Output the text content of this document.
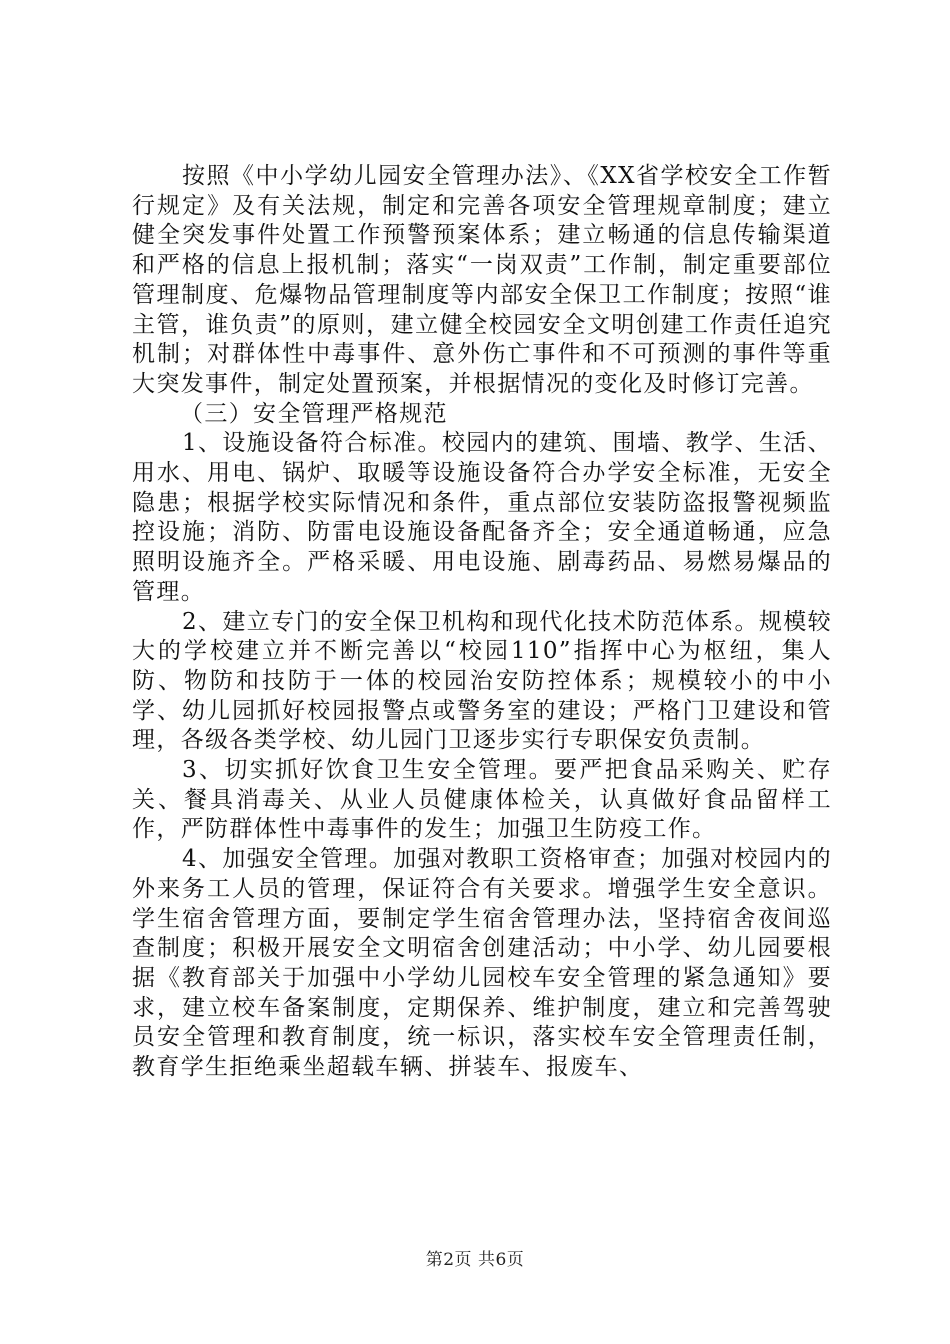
按照《中小学幼儿园安全管理办法》、《XX省学校安全工作暂行规定》及有关法规，制定和完善各项安全管理规章制度；建立健全突发事件处置工作预警预案体系；建立畅通的信息传输渠道和严格的信息上报机制；落实“一岗双责”工作制，制定重要部位管理制度、危爆物品管理制度等内部安全保卫工作制度；按照“谁主管，谁负责”的原则，建立健全校园安全文明创建工作责任追究机制；对群体性中毒事件、意外伤亡事件和不可预测的事件等重大突发事件，制定处置预案，并根据情况的变化及时修订完善。

（三）安全管理严格规范

1、设施设备符合标准。校园内的建筑、围墙、教学、生活、用水、用电、锅炉、取暖等设施设备符合办学安全标准，无安全隐患；根据学校实际情况和条件，重点部位安装防盗报警视频监控设施；消防、防雷电设施设备配备齐全；安全通道畅通，应急照明设施齐全。严格采暖、用电设施、剧毒药品、易燃易爆品的管理。

2、建立专门的安全保卫机构和现代化技术防范体系。规模较大的学校建立并不断完善以“校园110”指挥中心为枢纽，集人防、物防和技防于一体的校园治安防控体系；规模较小的中小学、幼儿园抓好校园报警点或警务室的建设；严格门卫建设和管理，各级各类学校、幼儿园门卫逐步实行专职保安负责制。

3、切实抓好饮食卫生安全管理。要严把食品采购关、贮存关、餐具消毒关、从业人员健康体检关，认真做好食品留样工作，严防群体性中毒事件的发生；加强卫生防疫工作。

4、加强安全管理。加强对教职工资格审查；加强对校园内的外来务工人员的管理，保证符合有关要求。增强学生安全意识。学生宿舍管理方面，要制定学生宿舍管理办法，坚持宿舍夜间巡查制度；积极开展安全文明宿舍创建活动；中小学、幼儿园要根据《教育部关于加强中小学幼儿园校车安全管理的紧急通知》要求，建立校车备案制度，定期保养、维护制度，建立和完善驾驶员安全管理和教育制度，统一标识，落实校车安全管理责任制，教育学生拒绝乘坐超载车辆、拼装车、报废车、

第2页 共6页
